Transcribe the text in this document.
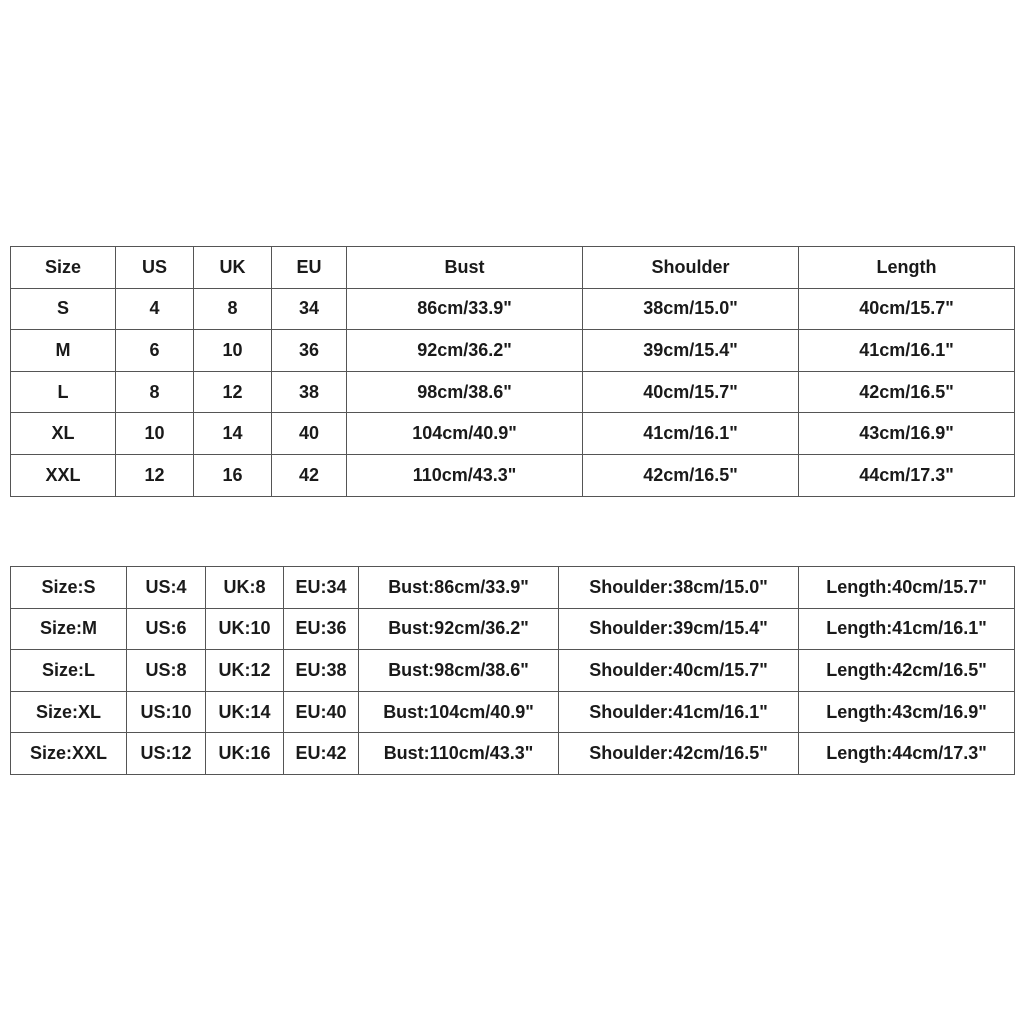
Size	US	UK	EU	Bust	Shoulder	Length
S	4	8	34	86cm/33.9"	38cm/15.0"	40cm/15.7"
M	6	10	36	92cm/36.2"	39cm/15.4"	41cm/16.1"
L	8	12	38	98cm/38.6"	40cm/15.7"	42cm/16.5"
XL	10	14	40	104cm/40.9"	41cm/16.1"	43cm/16.9"
XXL	12	16	42	110cm/43.3"	42cm/16.5"	44cm/17.3"
Size:S	US:4	UK:8	EU:34	Bust:86cm/33.9"	Shoulder:38cm/15.0"	Length:40cm/15.7"
Size:M	US:6	UK:10	EU:36	Bust:92cm/36.2"	Shoulder:39cm/15.4"	Length:41cm/16.1"
Size:L	US:8	UK:12	EU:38	Bust:98cm/38.6"	Shoulder:40cm/15.7"	Length:42cm/16.5"
Size:XL	US:10	UK:14	EU:40	Bust:104cm/40.9"	Shoulder:41cm/16.1"	Length:43cm/16.9"
Size:XXL	US:12	UK:16	EU:42	Bust:110cm/43.3"	Shoulder:42cm/16.5"	Length:44cm/17.3"
